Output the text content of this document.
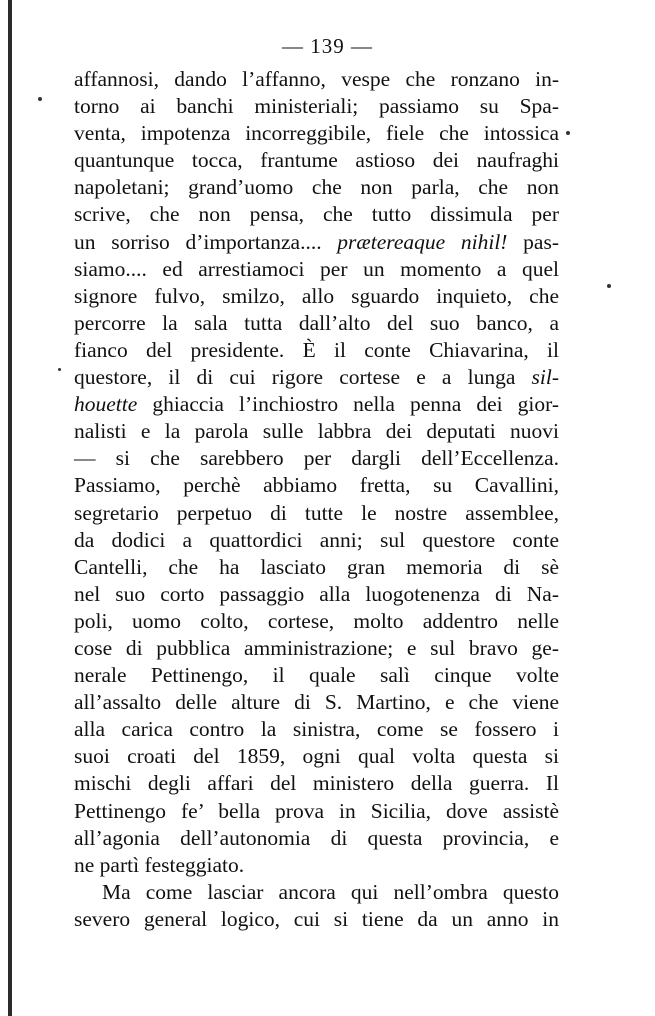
— 139 —
affannosi, dando l’affanno, vespe che ronzano in-
torno ai banchi ministeriali; passiamo su Spa-
venta, impotenza incorreggibile, fiele che intossica
quantunque tocca, frantume astioso dei naufraghi
napoletani; grand’uomo che non parla, che non
scrive, che non pensa, che tutto dissimula per
un sorriso d’importanza.... prӕtereaque nihil! pas-
siamo.... ed arrestiamoci per un momento a quel
signore fulvo, smilzo, allo sguardo inquieto, che
percorre la sala tutta dall’alto del suo banco, a
fianco del presidente. È il conte Chiavarina, il
questore, il di cui rigore cortese e a lunga sil-
houette ghiaccia l’inchiostro nella penna dei gior-
nalisti e la parola sulle labbra dei deputati nuovi
— si che sarebbero per dargli dell’Eccellenza.
Passiamo, perchè abbiamo fretta, su Cavallini,
segretario perpetuo di tutte le nostre assemblee,
da dodici a quattordici anni; sul questore conte
Cantelli, che ha lasciato gran memoria di sè
nel suo corto passaggio alla luogotenenza di Na-
poli, uomo colto, cortese, molto addentro nelle
cose di pubblica amministrazione; e sul bravo ge-
nerale Pettinengo, il quale salì cinque volte
all’assalto delle alture di S. Martino, e che viene
alla carica contro la sinistra, come se fossero i
suoi croati del 1859, ogni qual volta questa si
mischi degli affari del ministero della guerra. Il
Pettinengo fe’ bella prova in Sicilia, dove assistè
all’agonia dell’autonomia di questa provincia, e
ne partì festeggiato.
Ma come lasciar ancora qui nell’ombra questo
severo general logico, cui si tiene da un anno in
